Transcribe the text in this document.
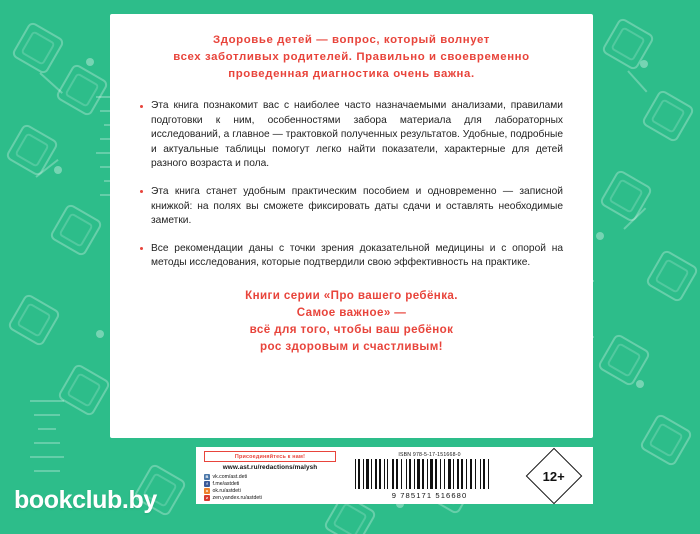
Здоровье детей — вопрос, который волнует
всех заботливых родителей. Правильно и своевременно
проведенная диагностика очень важна.
Эта книга познакомит вас с наиболее часто назначаемыми анализами, правилами подготовки к ним, особенностями забора материала для лабораторных исследований, а главное — трактовкой полученных результатов. Удобные, подробные и актуальные таблицы помогут легко найти показатели, характерные для детей разного возраста и пола.
Эта книга станет удобным практическим пособием и одновременно — записной книжкой: на полях вы сможете фиксировать даты сдачи и оставлять необходимые заметки.
Все рекомендации даны с точки зрения доказательной медицины и с опорой на методы исследования, которые подтвердили свою эффективность на практике.
Книги серии «Про вашего ребёнка.
Самое важное» —
всё для того, чтобы ваш ребёнок
рос здоровым и счастливым!
Присоединяйтесь к нам!
www.ast.ru/redactions/malysh
B vk.com/ast.deti
f f.me/astdeti
o ok.ru/astdeti
z zen.yandex.ru/astdeti
ISBN 978-5-17-151668-0
9 785171 516680
12+
bookclub.by
